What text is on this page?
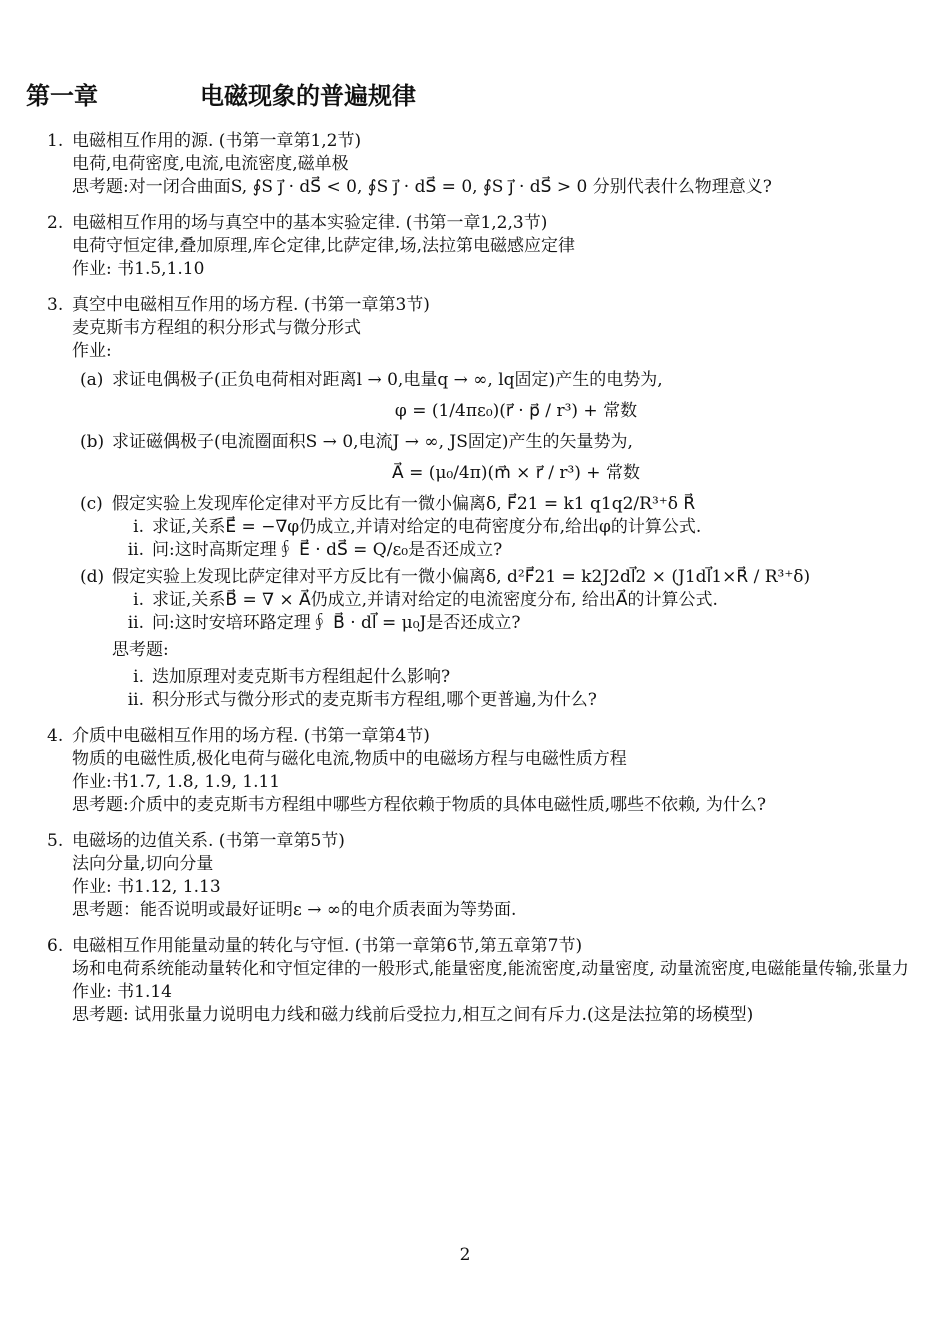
第一章	电磁现象的普遍规律
1. 电磁相互作用的源. (书第一章第1,2节)
电荷,电荷密度,电流,电流密度,磁单极
思考题:对一闭合曲面S, ∮S j⃗ · dS⃗ < 0, ∮S j⃗ · dS⃗ = 0, ∮S j⃗ · dS⃗ > 0 分别代表什么物理意义?
2. 电磁相互作用的场与真空中的基本实验定律. (书第一章1,2,3节)
电荷守恒定律,叠加原理,库仑定律,比萨定律,场,法拉第电磁感应定律
作业: 书1.5,1.10
3. 真空中电磁相互作用的场方程. (书第一章第3节)
麦克斯韦方程组的积分形式与微分形式
作业:
(a) 求证电偶极子(正负电荷相对距离l → 0,电量q → ∞, lq固定)产生的电势为,
φ = (1/4πε₀)(r⃗ · p⃗ / r³) + 常数
(b) 求证磁偶极子(电流圈面积S → 0,电流J → ∞, JS固定)产生的矢量势为,
A⃗ = (μ₀/4π)(m⃗ × r⃗ / r³) + 常数
(c) 假定实验上发现库伦定律对平方反比有一微小偏离δ, F⃗21 = k1 q1q2/R³⁺δ R⃗
i. 求证,关系E⃗ = −∇φ仍成立,并请对给定的电荷密度分布,给出φ的计算公式.
ii. 问:这时高斯定理∮ E⃗ · dS⃗ = Q/ε₀是否还成立?
(d) 假定实验上发现比萨定律对平方反比有一微小偏离δ, d²F⃗21 = k2J2dl⃗2 × (J1dl⃗1×R⃗ / R³⁺δ)
i. 求证,关系B⃗ = ∇ × A⃗仍成立,并请对给定的电流密度分布, 给出A⃗的计算公式.
ii. 问:这时安培环路定理∮ B⃗ · dl⃗ = μ₀J是否还成立?
思考题:
i. 迭加原理对麦克斯韦方程组起什么影响?
ii. 积分形式与微分形式的麦克斯韦方程组,哪个更普遍,为什么?
4. 介质中电磁相互作用的场方程. (书第一章第4节)
物质的电磁性质,极化电荷与磁化电流,物质中的电磁场方程与电磁性质方程
作业:书1.7, 1.8, 1.9, 1.11
思考题:介质中的麦克斯韦方程组中哪些方程依赖于物质的具体电磁性质,哪些不依赖, 为什么?
5. 电磁场的边值关系. (书第一章第5节)
法向分量,切向分量
作业: 书1.12, 1.13
思考题：能否说明或最好证明ε → ∞的电介质表面为等势面.
6. 电磁相互作用能量动量的转化与守恒. (书第一章第6节,第五章第7节)
场和电荷系统能动量转化和守恒定律的一般形式,能量密度,能流密度,动量密度, 动量流密度,电磁能量传输,张量力
作业: 书1.14
思考题: 试用张量力说明电力线和磁力线前后受拉力,相互之间有斥力.(这是法拉第的场模型)
2
